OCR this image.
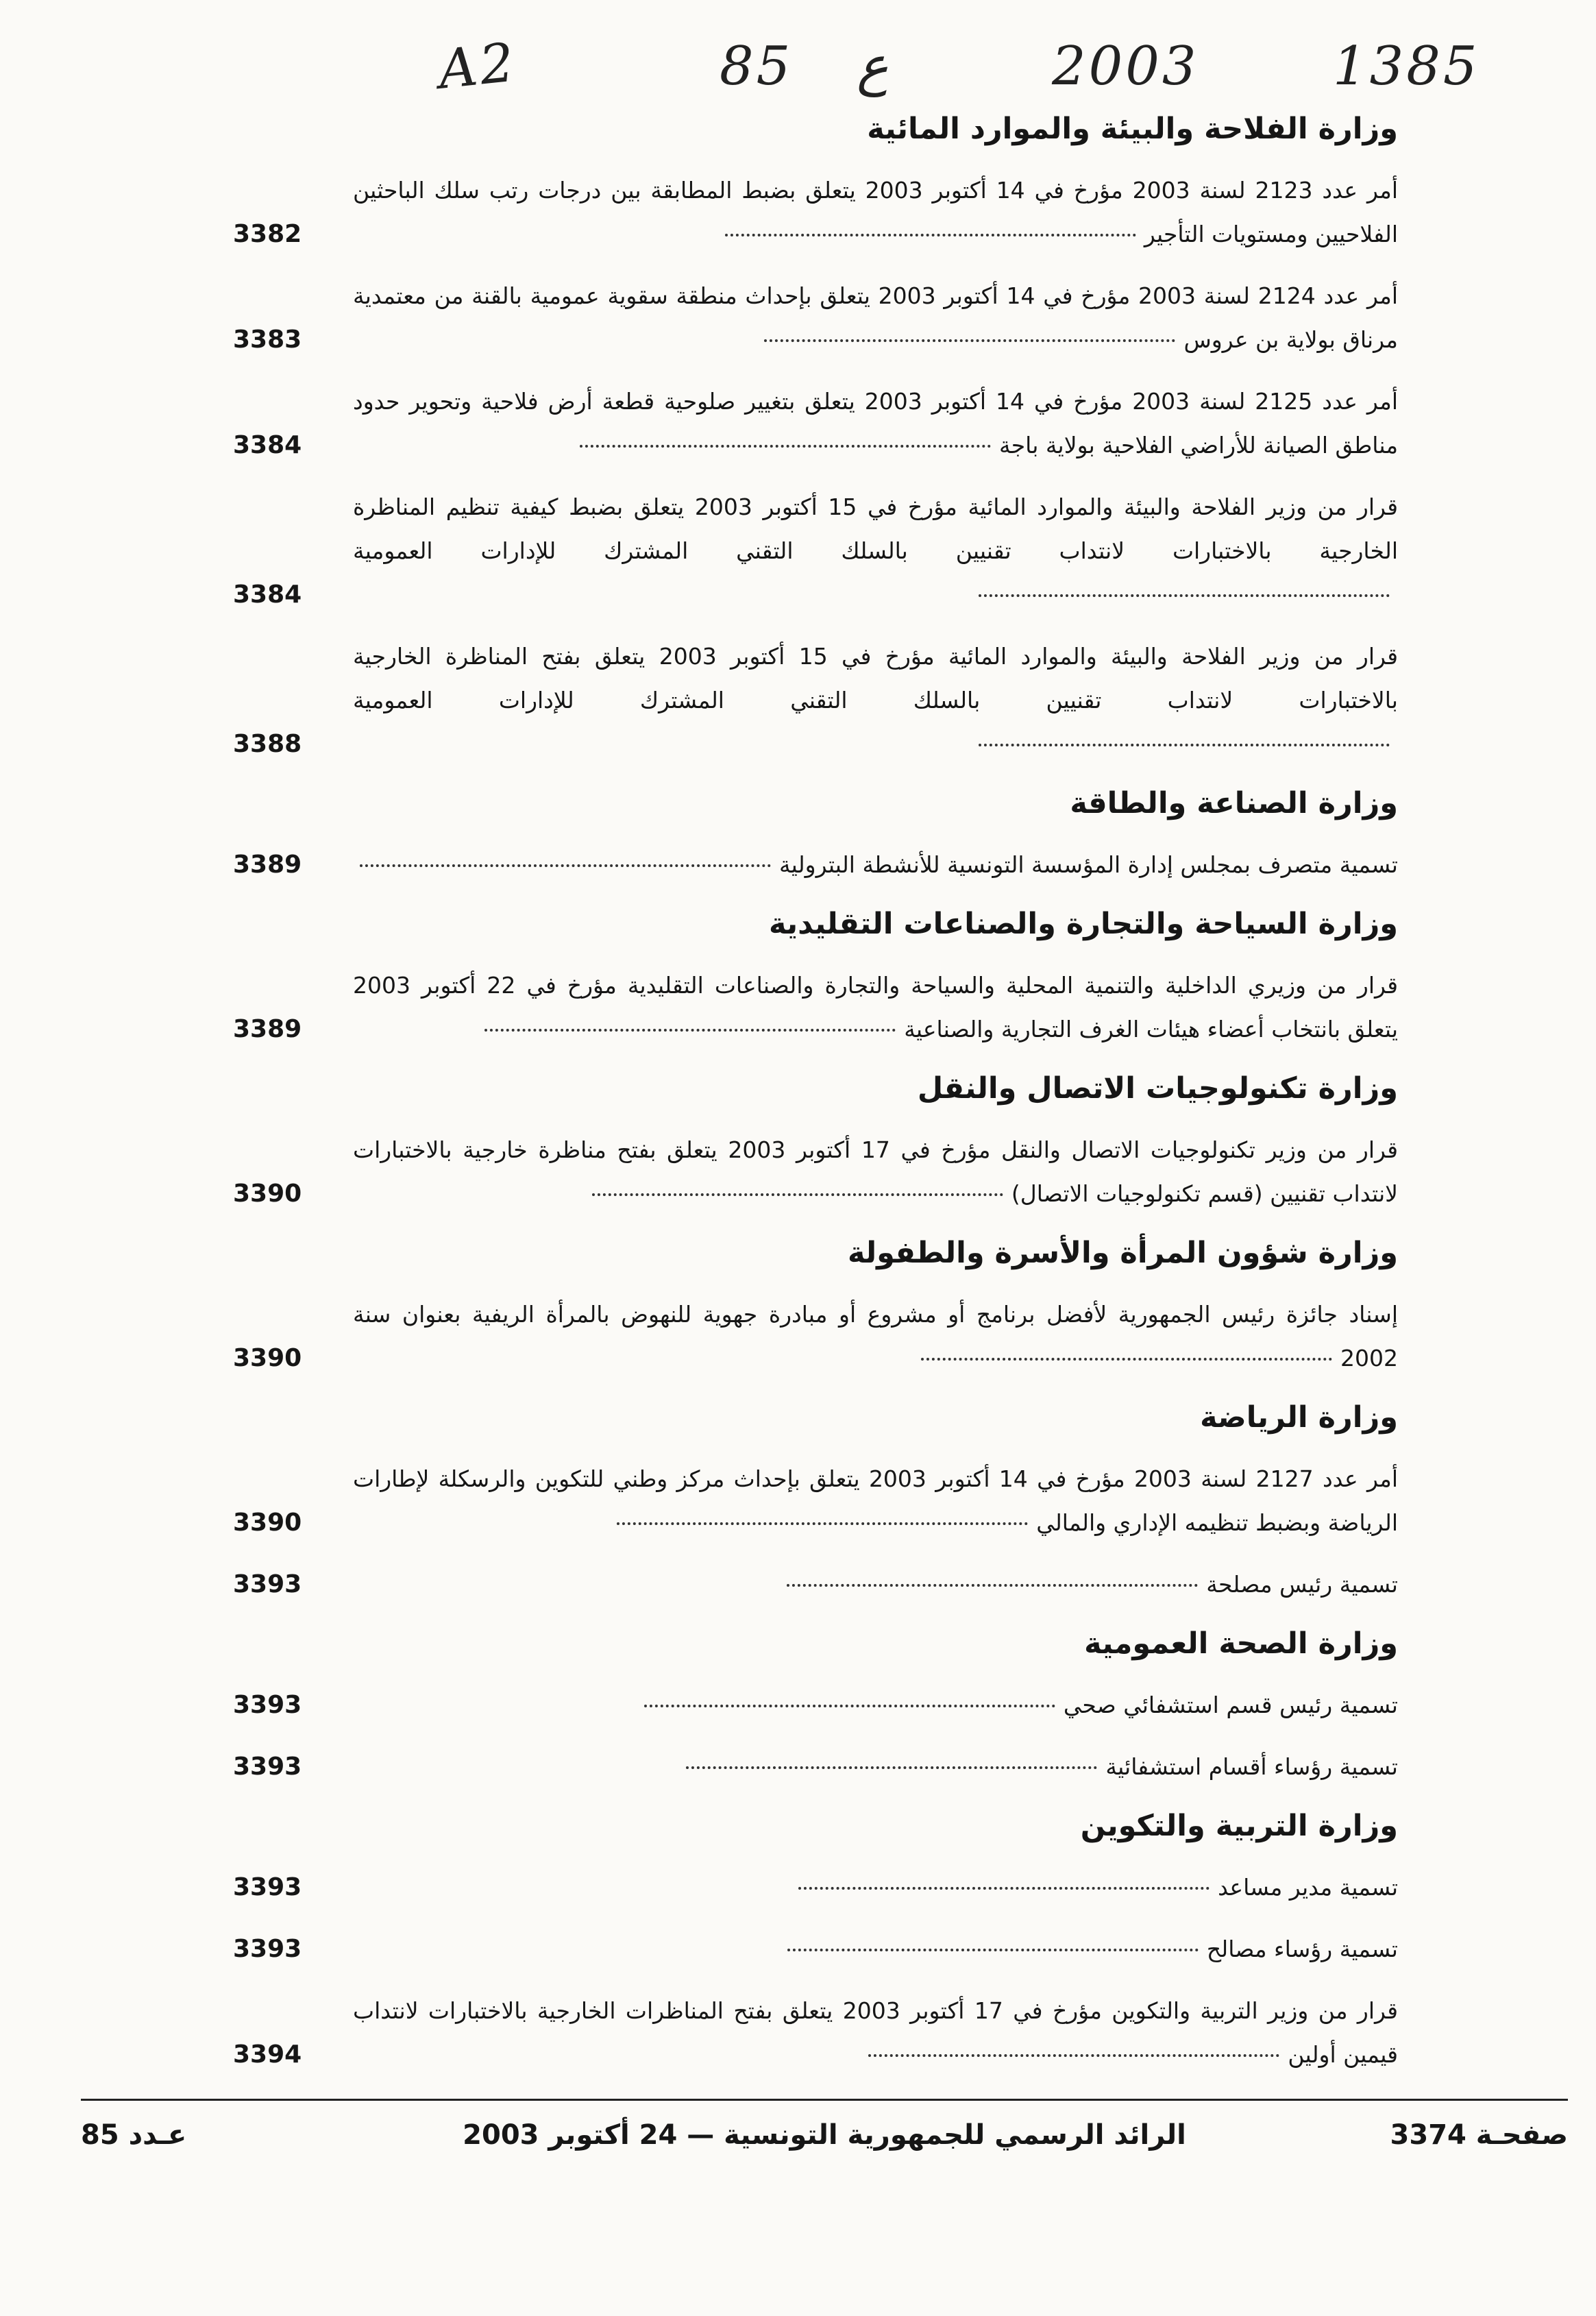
A2	85 ع	2003	1385
وزارة الفلاحة والبيئة والموارد المائية
أمر عدد 2123 لسنة 2003 مؤرخ في 14 أكتوبر 2003 يتعلق بضبط المطابقة بين درجات رتب سلك الباحثين الفلاحيين ومستويات التأجير
3382
أمر عدد 2124 لسنة 2003 مؤرخ في 14 أكتوبر 2003 يتعلق بإحداث منطقة سقوية عمومية بالقنة من معتمدية مرناق بولاية بن عروس
3383
أمر عدد 2125 لسنة 2003 مؤرخ في 14 أكتوبر 2003 يتعلق بتغيير صلوحية قطعة أرض فلاحية وتحوير حدود مناطق الصيانة للأراضي الفلاحية بولاية باجة
3384
قرار من وزير الفلاحة والبيئة والموارد المائية مؤرخ في 15 أكتوبر 2003 يتعلق بضبط كيفية تنظيم المناظرة الخارجية بالاختبارات لانتداب تقنيين بالسلك التقني المشترك للإدارات العمومية
3384
قرار من وزير الفلاحة والبيئة والموارد المائية مؤرخ في 15 أكتوبر 2003 يتعلق بفتح المناظرة الخارجية بالاختبارات لانتداب تقنيين بالسلك التقني المشترك للإدارات العمومية
3388
وزارة الصناعة والطاقة
تسمية متصرف بمجلس إدارة المؤسسة التونسية للأنشطة البترولية
3389
وزارة السياحة والتجارة والصناعات التقليدية
قرار من وزيري الداخلية والتنمية المحلية والسياحة والتجارة والصناعات التقليدية مؤرخ في 22 أكتوبر 2003 يتعلق بانتخاب أعضاء هيئات الغرف التجارية والصناعية
3389
وزارة تكنولوجيات الاتصال والنقل
قرار من وزير تكنولوجيات الاتصال والنقل مؤرخ في 17 أكتوبر 2003 يتعلق بفتح مناظرة خارجية بالاختبارات لانتداب تقنيين (قسم تكنولوجيات الاتصال)
3390
وزارة شؤون المرأة والأسرة والطفولة
إسناد جائزة رئيس الجمهورية لأفضل برنامج أو مشروع أو مبادرة جهوية للنهوض بالمرأة الريفية بعنوان سنة 2002
3390
وزارة الرياضة
أمر عدد 2127 لسنة 2003 مؤرخ في 14 أكتوبر 2003 يتعلق بإحداث مركز وطني للتكوين والرسكلة لإطارات الرياضة وبضبط تنظيمه الإداري والمالي
3390
تسمية رئيس مصلحة
3393
وزارة الصحة العمومية
تسمية رئيس قسم استشفائي صحي
3393
تسمية رؤساء أقسام استشفائية
3393
وزارة التربية والتكوين
تسمية مدير مساعد
3393
تسمية رؤساء مصالح
3393
قرار من وزير التربية والتكوين مؤرخ في 17 أكتوبر 2003 يتعلق بفتح المناظرات الخارجية بالاختبارات لانتداب قيمين أولين
3394
صفحـة 3374
الرائد الرسمي للجمهورية التونسية — 24 أكتوبر 2003
عـدد 85
